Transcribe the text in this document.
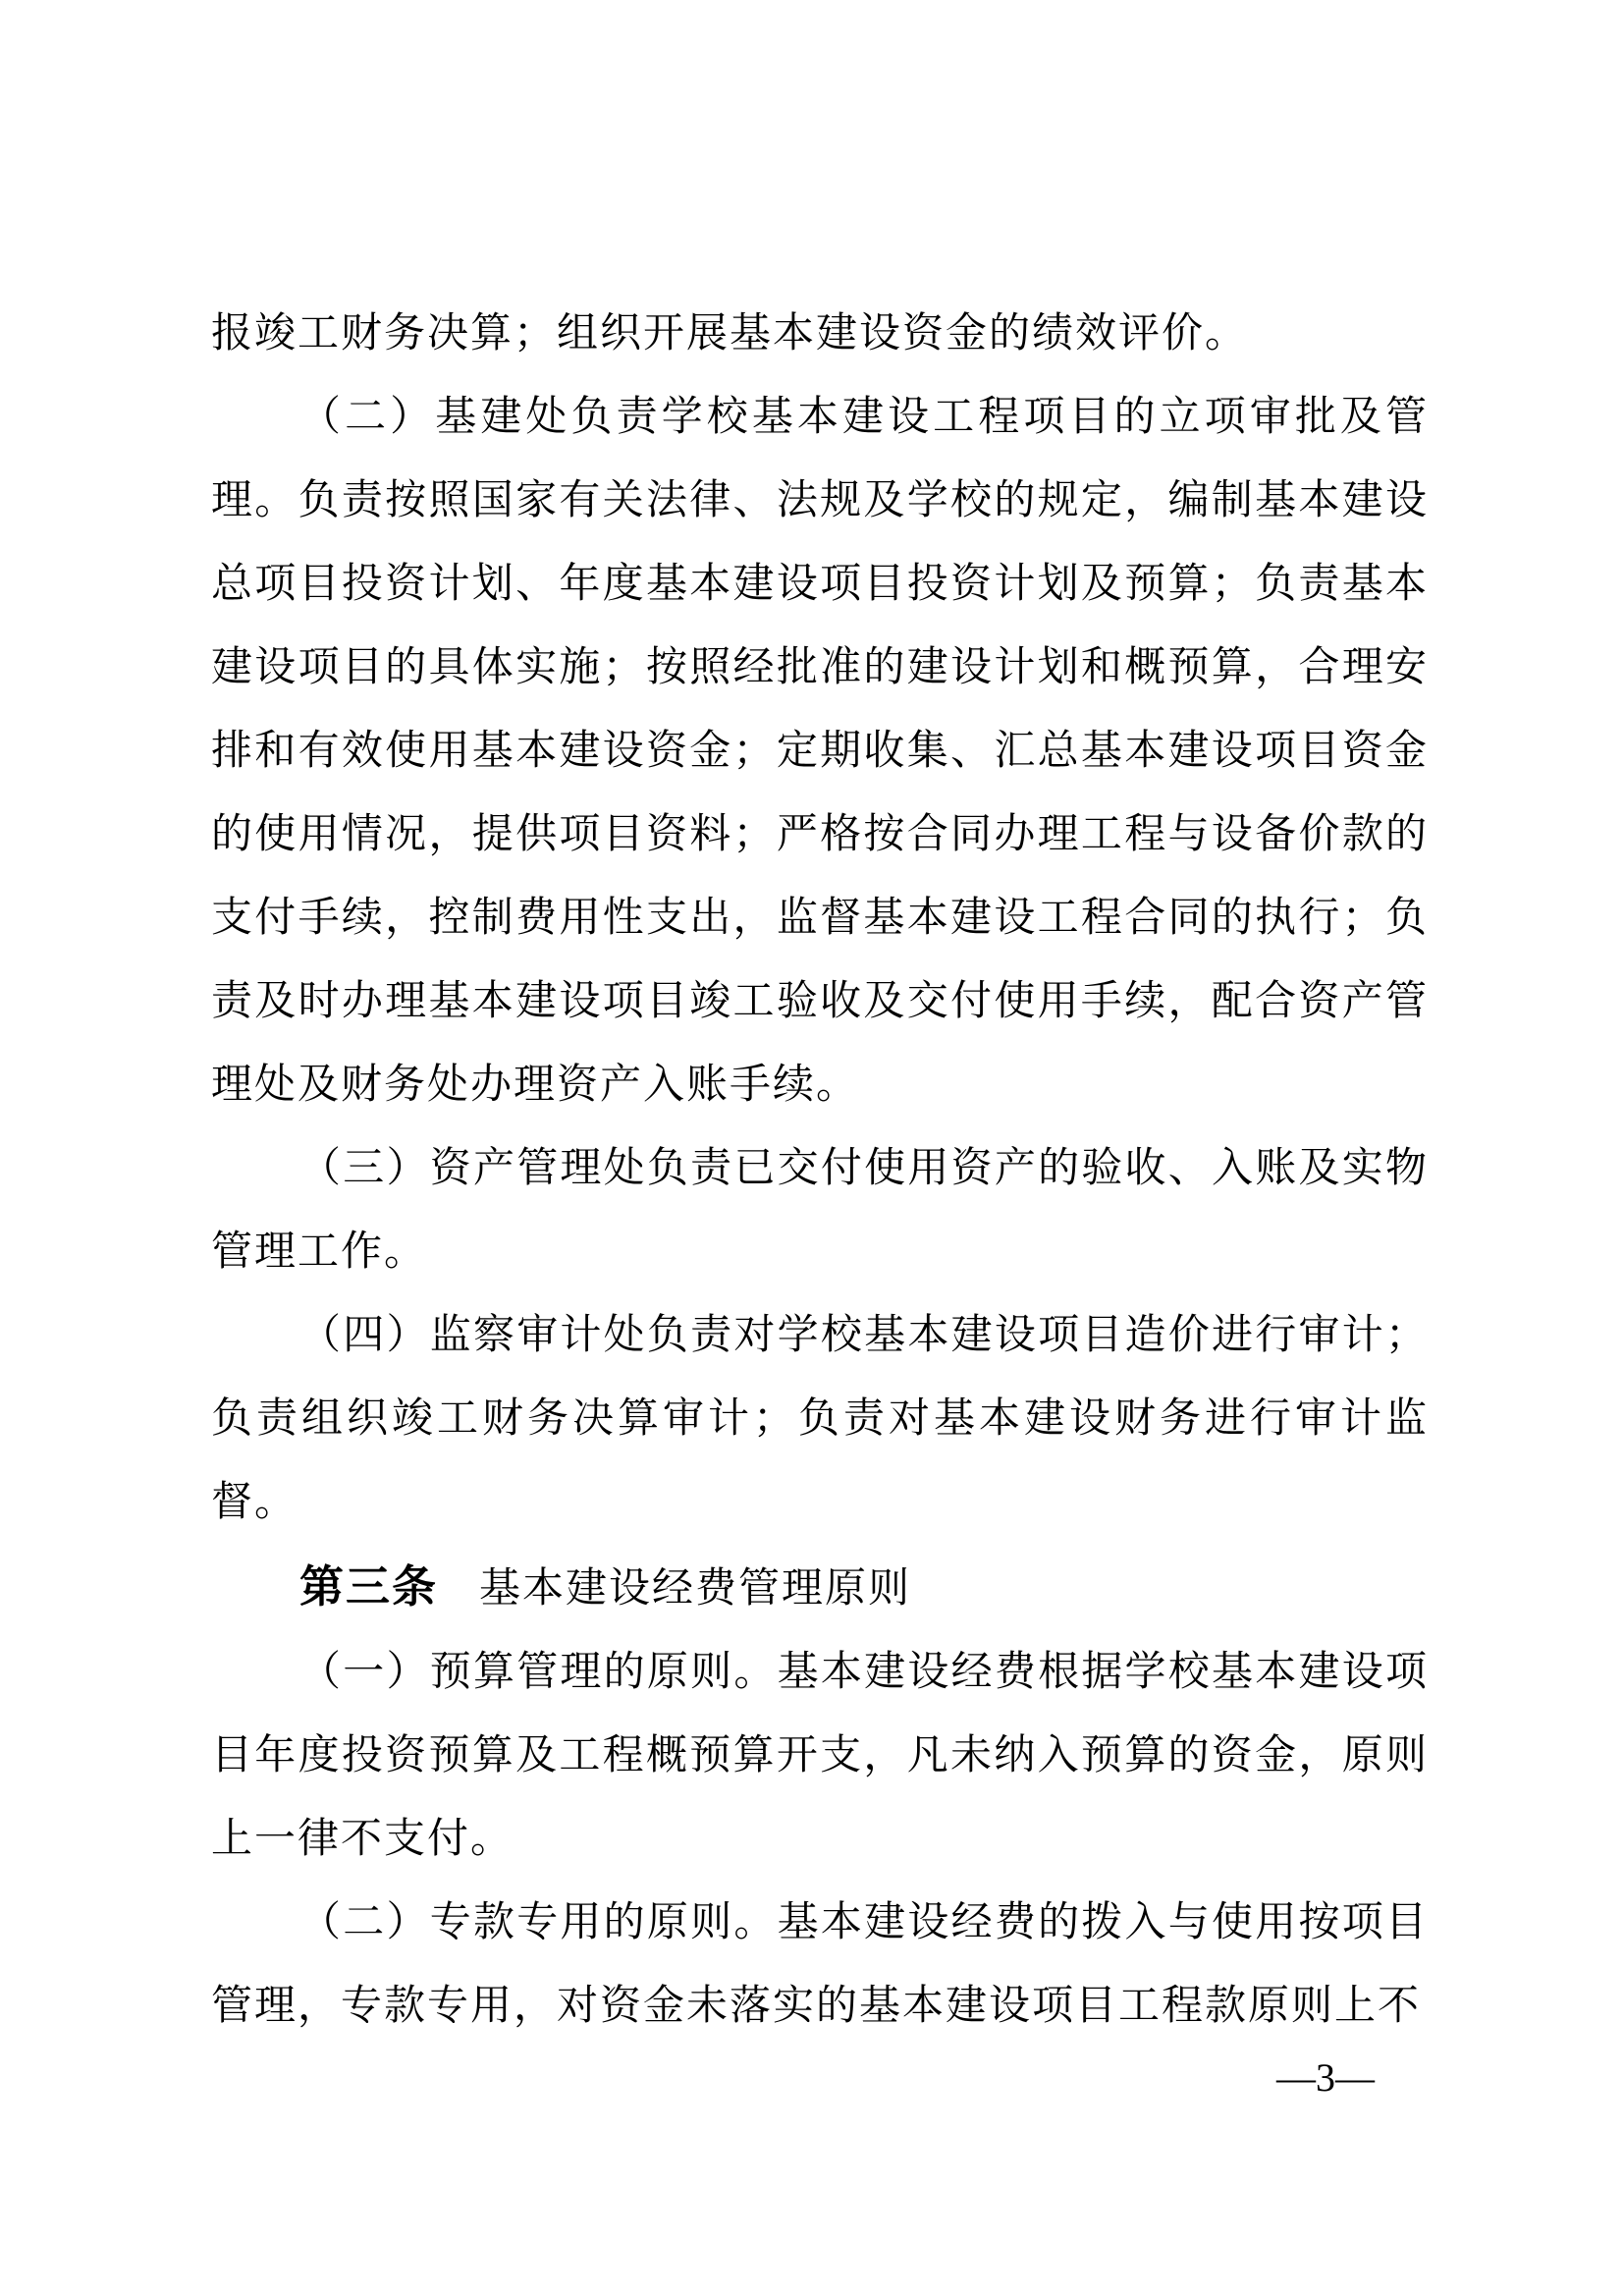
报竣工财务决算；组织开展基本建设资金的绩效评价。

（二）基建处负责学校基本建设工程项目的立项审批及管理。负责按照国家有关法律、法规及学校的规定，编制基本建设总项目投资计划、年度基本建设项目投资计划及预算；负责基本建设项目的具体实施；按照经批准的建设计划和概预算，合理安排和有效使用基本建设资金；定期收集、汇总基本建设项目资金的使用情况，提供项目资料；严格按合同办理工程与设备价款的支付手续，控制费用性支出，监督基本建设工程合同的执行；负责及时办理基本建设项目竣工验收及交付使用手续，配合资产管理处及财务处办理资产入账手续。

（三）资产管理处负责已交付使用资产的验收、入账及实物管理工作。

（四）监察审计处负责对学校基本建设项目造价进行审计；负责组织竣工财务决算审计；负责对基本建设财务进行审计监督。

第三条 基本建设经费管理原则

（一）预算管理的原则。基本建设经费根据学校基本建设项目年度投资预算及工程概预算开支，凡未纳入预算的资金，原则上一律不支付。

（二）专款专用的原则。基本建设经费的拨入与使用按项目管理，专款专用，对资金未落实的基本建设项目工程款原则上不

—3—
